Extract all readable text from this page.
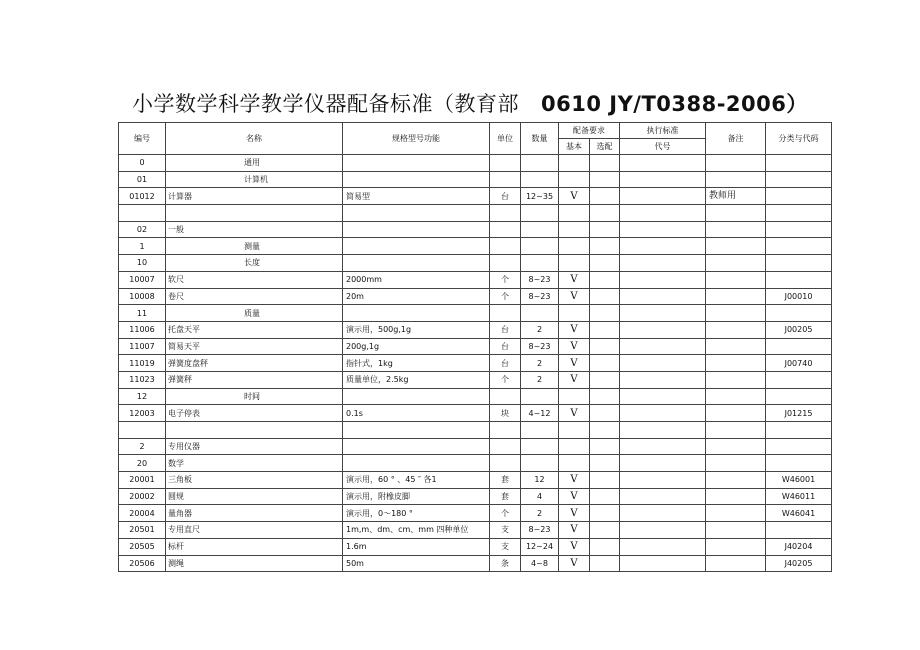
小学数学科学教学仪器配备标准（教育部 0610 JY/T0388-2006）
编号	名称	规格型号功能	单位	数量	配备要求		执行标准	备注	分类与代码
					基本	选配	代号		
0	通用								
01	计算机								
01012	计算器	简易型	台	12~35	V			教师用	

02	一般								
1	测量								
10	长度								
10007	软尺	2000mm	个	8~23	V				
10008	卷尺	20m	个	8~23	V				J00010
11	质量								
11006	托盘天平	演示用，500g,1g	台	2	V				J00205
11007	简易天平	200g,1g	台	8~23	V				
11019	弹簧度盘秤	指针式，1kg	台	2	V				J00740
11023	弹簧秤	质量单位，2.5kg	个	2	V				
12	时间								
12003	电子停表	0.1s	块	4~12	V				J01215

2	专用仪器								
20	数学								
20001	三角板	演示用，60 ° 、45 ″ 各1	套	12	V				W46001
20002	圆规	演示用，附橡皮脚	套	4	V				W46011
20004	量角器	演示用，0～180 °	个	2	V				W46041
20501	专用直尺	1m,m、dm、cm、mm 四种单位	支	8~23	V				
20505	标杆	1.6m	支	12~24	V				J40204
20506	测绳	50m	条	4~8	V				J40205
